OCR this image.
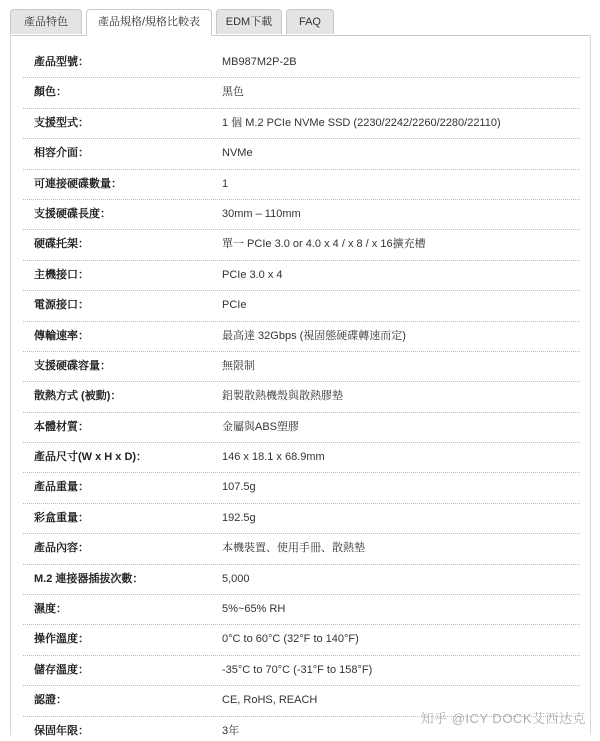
產品特色	產品規格/規格比較表	EDM下載	FAQ
產品型號：	MB987M2P-2B
顏色：	黑色
支援型式：	1 個 M.2 PCIe NVMe SSD (2230/2242/2260/2280/22110)
相容介面：	NVMe
可連接硬碟數量：	1
支援硬碟長度：	30mm – 110mm
硬碟托架：	單一 PCIe 3.0 or 4.0 x 4 / x 8 / x 16擴充槽
主機接口：	PCIe 3.0 x 4
電源接口：	PCIe
傳輸速率：	最高達 32Gbps (視固態硬碟轉速而定)
支援硬碟容量：	無限制
散熱方式 (被動)：	鋁製散熱機殼與散熱膠墊
本體材質：	金屬與ABS塑膠
產品尺寸(W x H x D)：	146 x 18.1 x 68.9mm
產品重量：	107.5g
彩盒重量：	192.5g
產品內容：	本機裝置、使用手冊、散熱墊
M.2 連接器插拔次數：	5,000
濕度：	5%~65% RH
操作溫度：	0°C to 60°C (32°F to 140°F)
儲存溫度：	-35°C to 70°C (-31°F to 158°F)
認證：	CE, RoHS, REACH
保固年限：	3年
知乎 @ICY DOCK艾西达克
